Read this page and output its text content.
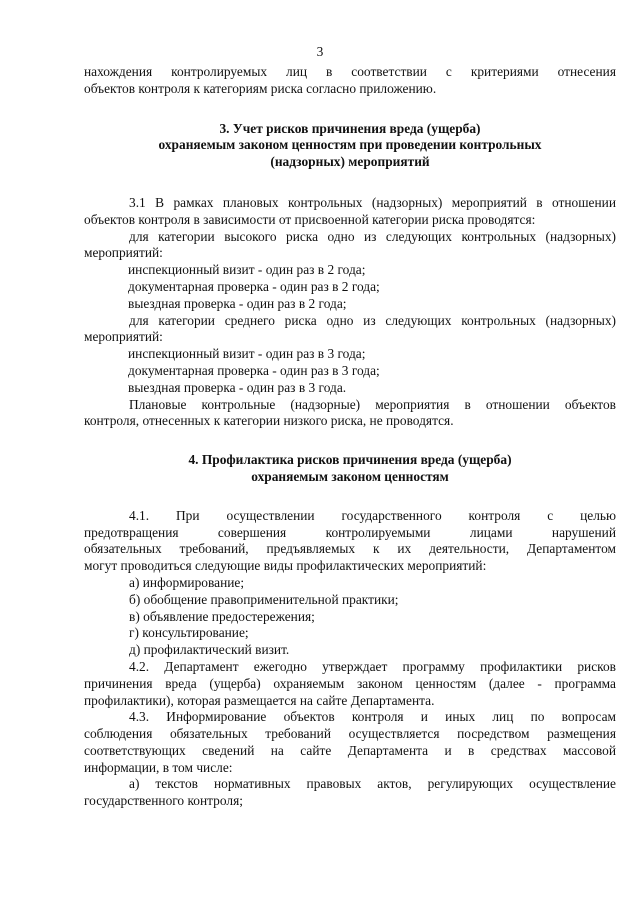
3

нахождения контролируемых лиц в соответствии с критериями отнесения

объектов контроля к категориям риска согласно приложению.

3. Учет рисков причинения вреда (ущерба)

охраняемым законом ценностям при проведении контрольных

(надзорных) мероприятий

3.1 В рамках плановых контрольных (надзорных) мероприятий в отношении

объектов контроля в зависимости от присвоенной категории риска проводятся:

для категории высокого риска одно из следующих контрольных (надзорных)

мероприятий:

инспекционный визит - один раз в 2 года;

документарная проверка - один раз в 2 года;

выездная проверка - один раз в 2 года;

для категории среднего риска одно из следующих контрольных (надзорных)

мероприятий:

инспекционный визит - один раз в 3 года;

документарная проверка - один раз в 3 года;

выездная проверка - один раз в 3 года.

Плановые контрольные (надзорные) мероприятия в отношении объектов

контроля, отнесенных к категории низкого риска, не проводятся.

4. Профилактика рисков причинения вреда (ущерба)

охраняемым законом ценностям

4.1. При осуществлении государственного контроля с целью

предотвращения совершения контролируемыми лицами нарушений

обязательных требований, предъявляемых к их деятельности, Департаментом

могут проводиться следующие виды профилактических мероприятий:

а) информирование;

б) обобщение правоприменительной практики;

в) объявление предостережения;

г) консультирование;

д) профилактический визит.

4.2. Департамент ежегодно утверждает программу профилактики рисков

причинения вреда (ущерба) охраняемым законом ценностям (далее - программа

профилактики), которая размещается на сайте Департамента.

4.3. Информирование объектов контроля и иных лиц по вопросам

соблюдения обязательных требований осуществляется посредством размещения

соответствующих сведений на сайте Департамента и в средствах массовой

информации, в том числе:

а) текстов нормативных правовых актов, регулирующих осуществление

государственного контроля;
